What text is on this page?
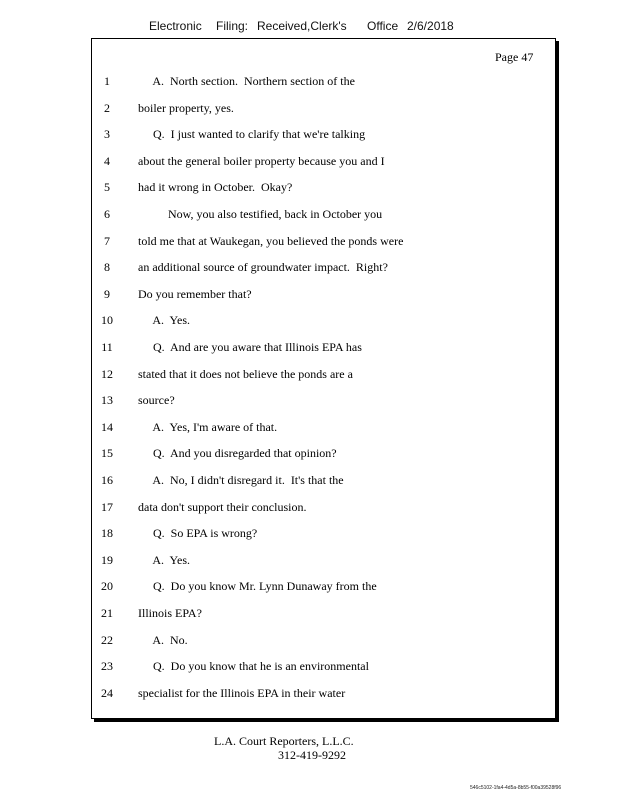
Electronic Filing: Received,Clerk's Office 2/6/2018
Page 47
1	A.  North section.  Northern section of the
2	boiler property, yes.
3	Q.  I just wanted to clarify that we're talking
4	about the general boiler property because you and I
5	had it wrong in October.  Okay?
6	Now, you also testified, back in October you
7	told me that at Waukegan, you believed the ponds were
8	an additional source of groundwater impact.  Right?
9	Do you remember that?
10 A.  Yes.
11 Q.  And are you aware that Illinois EPA has
12 stated that it does not believe the ponds are a
13 source?
14 A.  Yes, I'm aware of that.
15 Q.  And you disregarded that opinion?
16 A.  No, I didn't disregard it.  It's that the
17 data don't support their conclusion.
18 Q.  So EPA is wrong?
19 A.  Yes.
20 Q.  Do you know Mr. Lynn Dunaway from the
21 Illinois EPA?
22 A.  No.
23 Q.  Do you know that he is an environmental
24 specialist for the Illinois EPA in their water
L.A. Court Reporters, L.L.C.
312-419-9292
546c5102-1fa4-4d5a-8b55-f00a39528f96
